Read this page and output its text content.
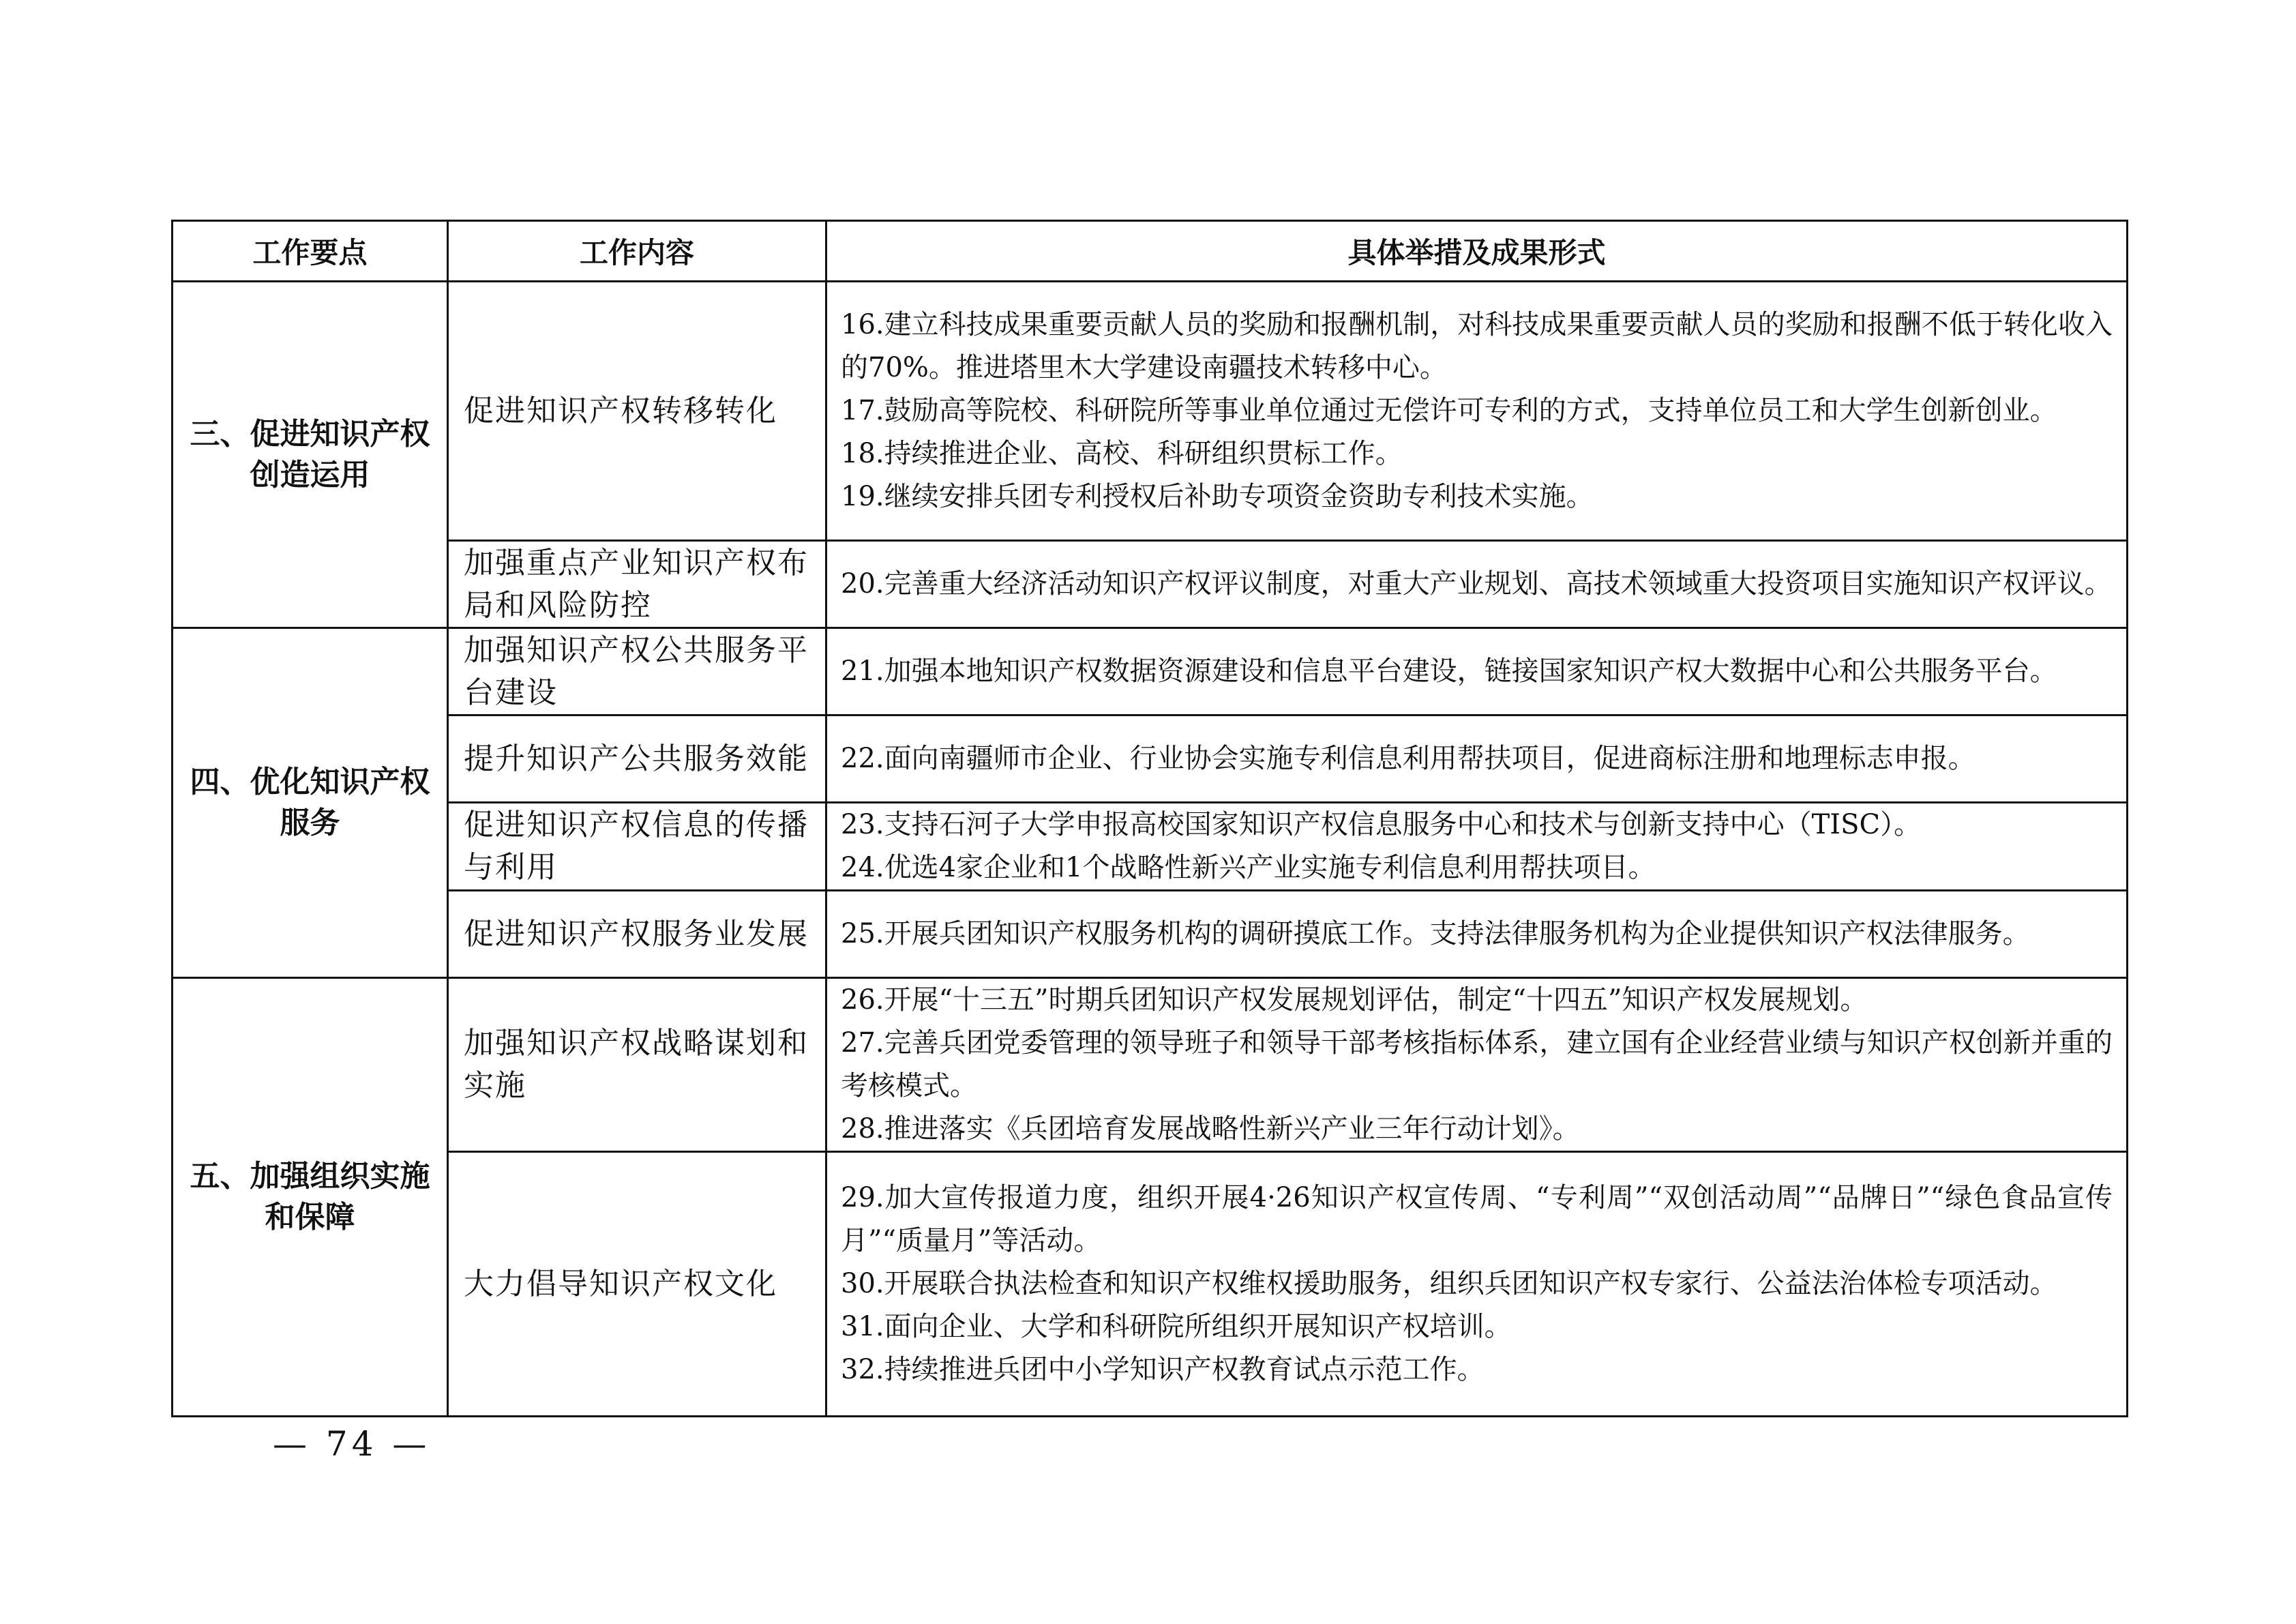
工作要点	工作内容	具体举措及成果形式
三、促进知识产权创造运用	促进知识产权转移转化	16.建立科技成果重要贡献人员的奖励和报酬机制，对科技成果重要贡献人员的奖励和报酬不低于转化收入的70%。推进塔里木大学建设南疆技术转移中心。
17.鼓励高等院校、科研院所等事业单位通过无偿许可专利的方式，支持单位员工和大学生创新创业。
18.持续推进企业、高校、科研组织贯标工作。
19.继续安排兵团专利授权后补助专项资金资助专利技术实施。

	加强重点产业知识产权布局和风险防控	20.完善重大经济活动知识产权评议制度，对重大产业规划、高技术领域重大投资项目实施知识产权评议。

四、优化知识产权服务	加强知识产权公共服务平台建设	21.加强本地知识产权数据资源建设和信息平台建设，链接国家知识产权大数据中心和公共服务平台。

	提升知识产公共服务效能	22.面向南疆师市企业、行业协会实施专利信息利用帮扶项目，促进商标注册和地理标志申报。

	促进知识产权信息的传播与利用	23.支持石河子大学申报高校国家知识产权信息服务中心和技术与创新支持中心（TISC）。
24.优选4家企业和1个战略性新兴产业实施专利信息利用帮扶项目。

	促进知识产权服务业发展	25.开展兵团知识产权服务机构的调研摸底工作。支持法律服务机构为企业提供知识产权法律服务。

五、加强组织实施和保障	加强知识产权战略谋划和实施	26.开展“十三五”时期兵团知识产权发展规划评估，制定“十四五”知识产权发展规划。
27.完善兵团党委管理的领导班子和领导干部考核指标体系，建立国有企业经营业绩与知识产权创新并重的考核模式。
28.推进落实《兵团培育发展战略性新兴产业三年行动计划》。

	大力倡导知识产权文化	29.加大宣传报道力度，组织开展4·26知识产权宣传周、“专利周”“双创活动周”“品牌日”“绿色食品宣传月”“质量月”等活动。
30.开展联合执法检查和知识产权维权援助服务，组织兵团知识产权专家行、公益法治体检专项活动。
31.面向企业、大学和科研院所组织开展知识产权培训。
32.持续推进兵团中小学知识产权教育试点示范工作。
— 74 —
